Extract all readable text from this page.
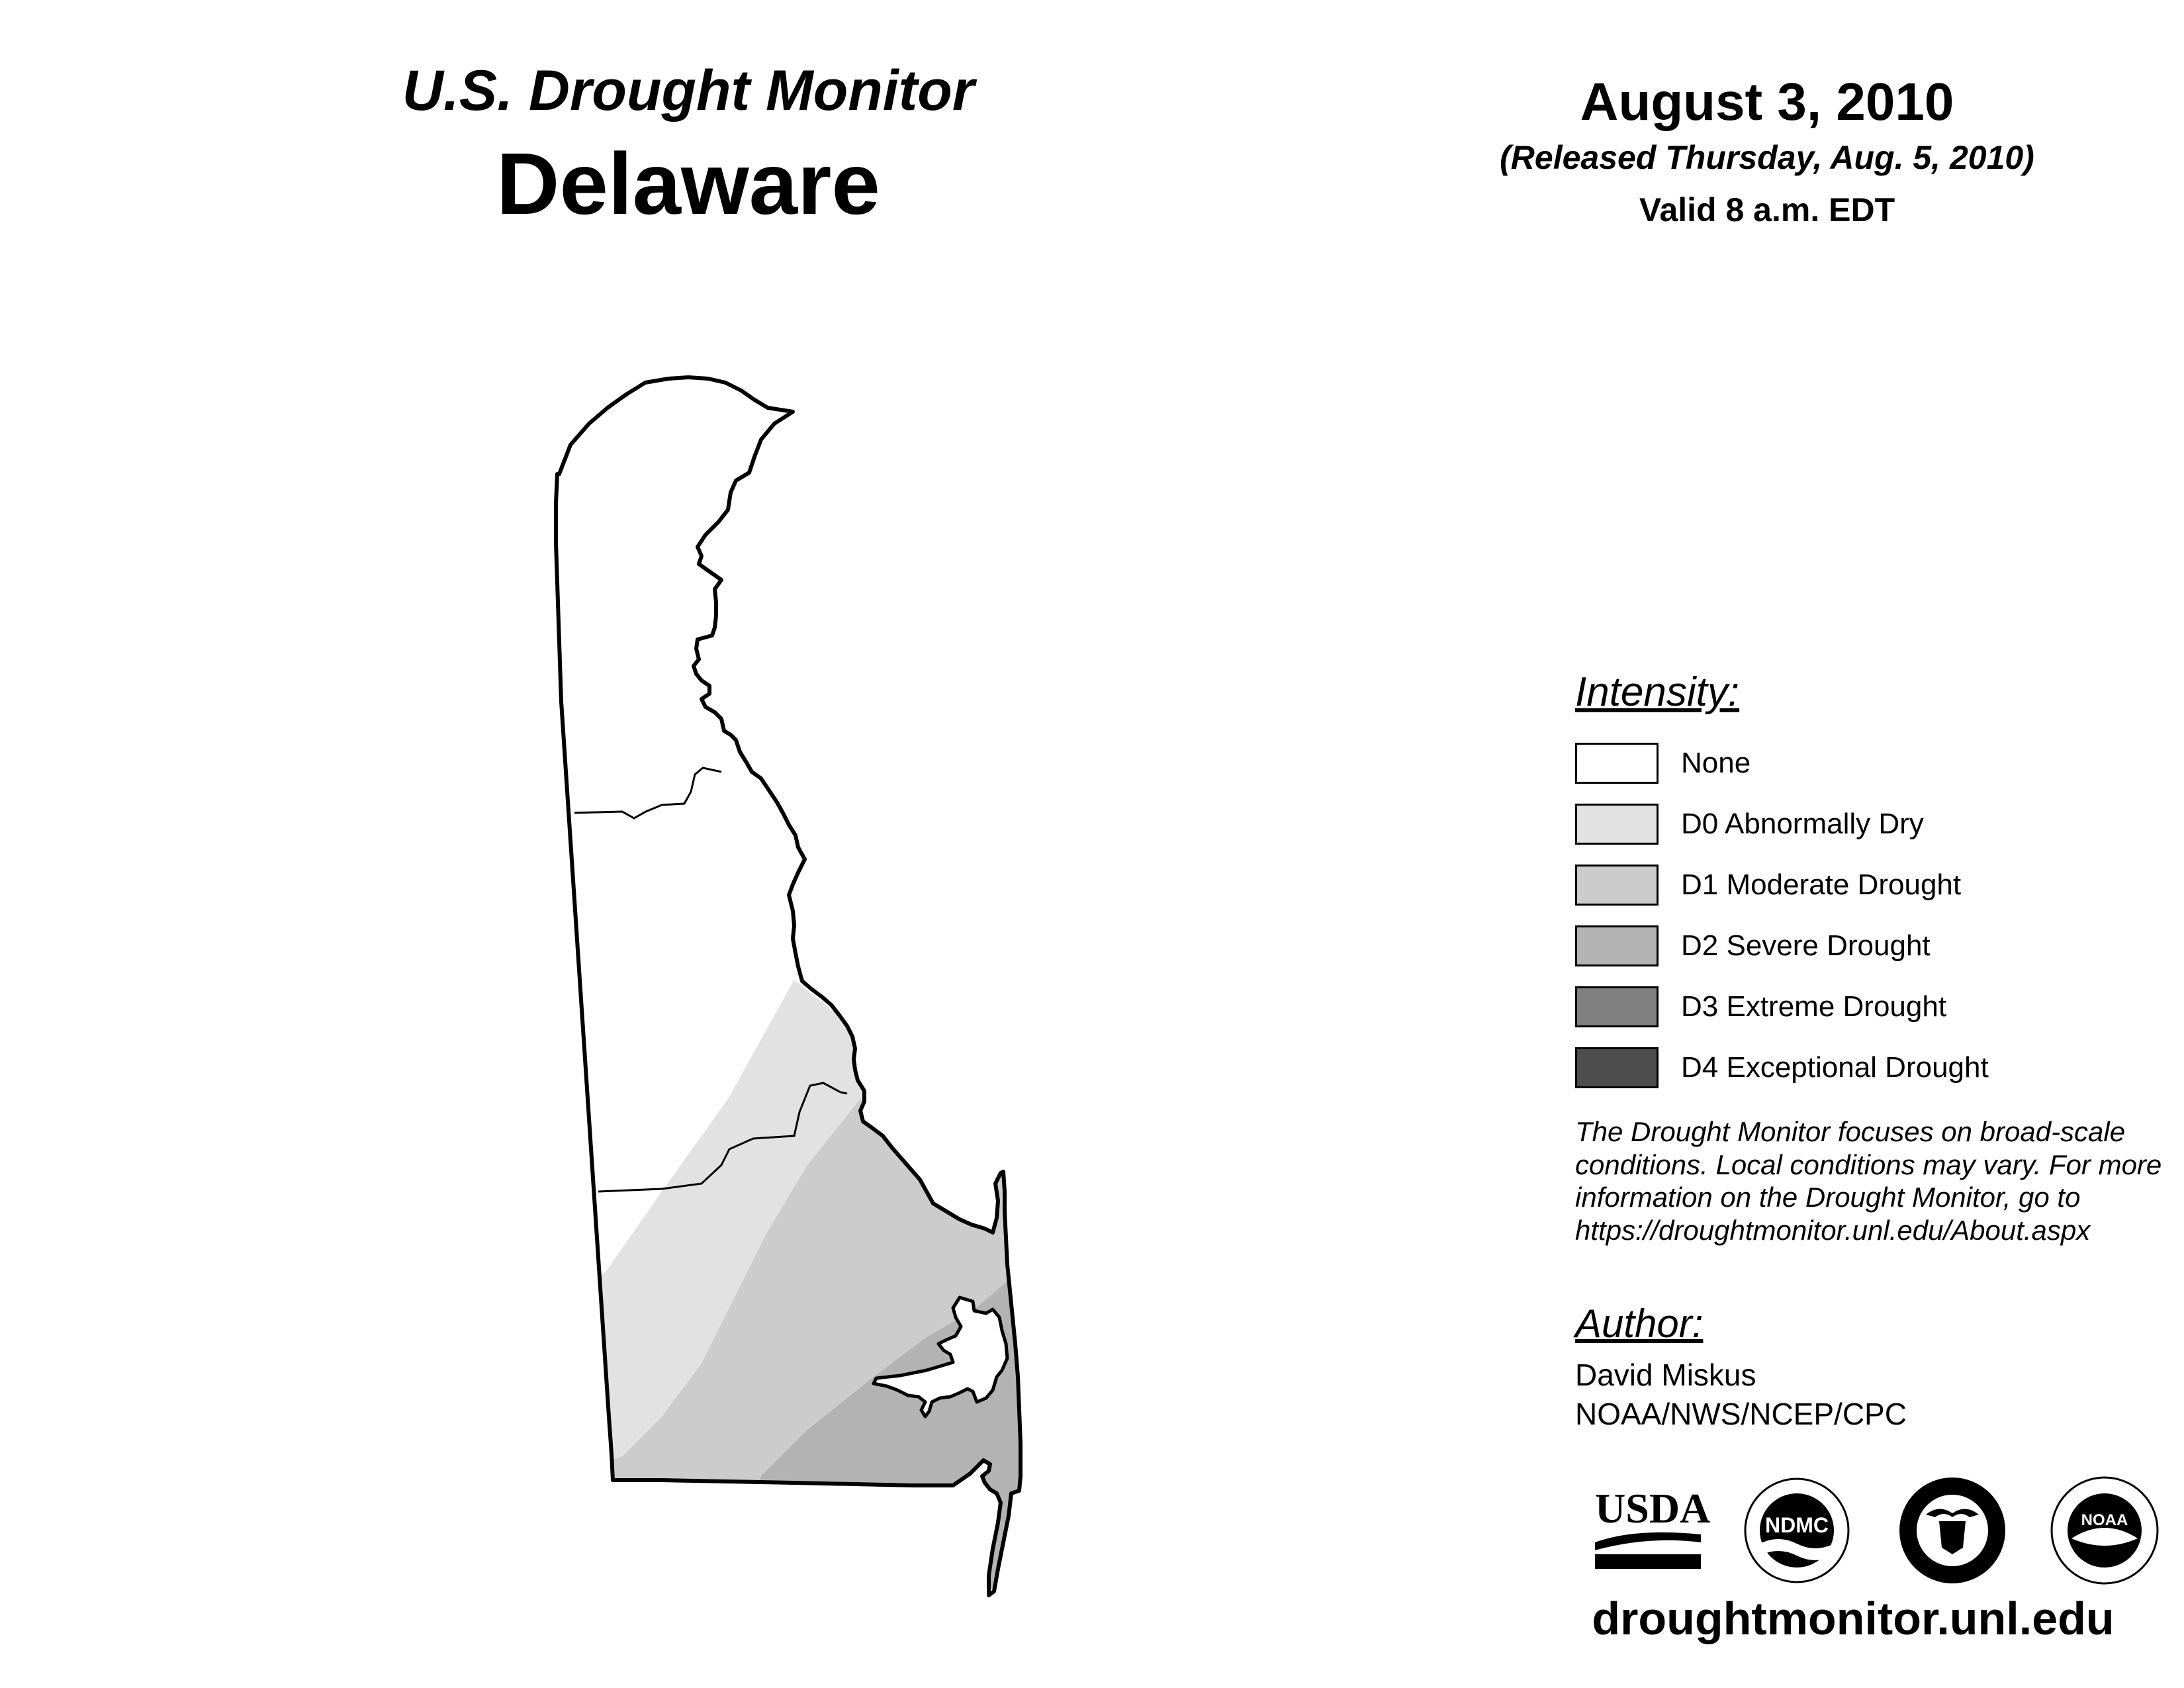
U.S. Drought Monitor
Delaware
August 3, 2010
(Released Thursday, Aug. 5, 2010)
Valid 8 a.m. EDT
Intensity:
None
D0 Abnormally Dry
D1 Moderate Drought
D2 Severe Drought
D3 Extreme Drought
D4 Exceptional Drought
The Drought Monitor focuses on broad-scale
conditions. Local conditions may vary. For more
information on the Drought Monitor, go to
https://droughtmonitor.unl.edu/About.aspx
Author:
David Miskus
NOAA/NWS/NCEP/CPC
USDA	NDMC	NOAA
droughtmonitor.unl.edu
